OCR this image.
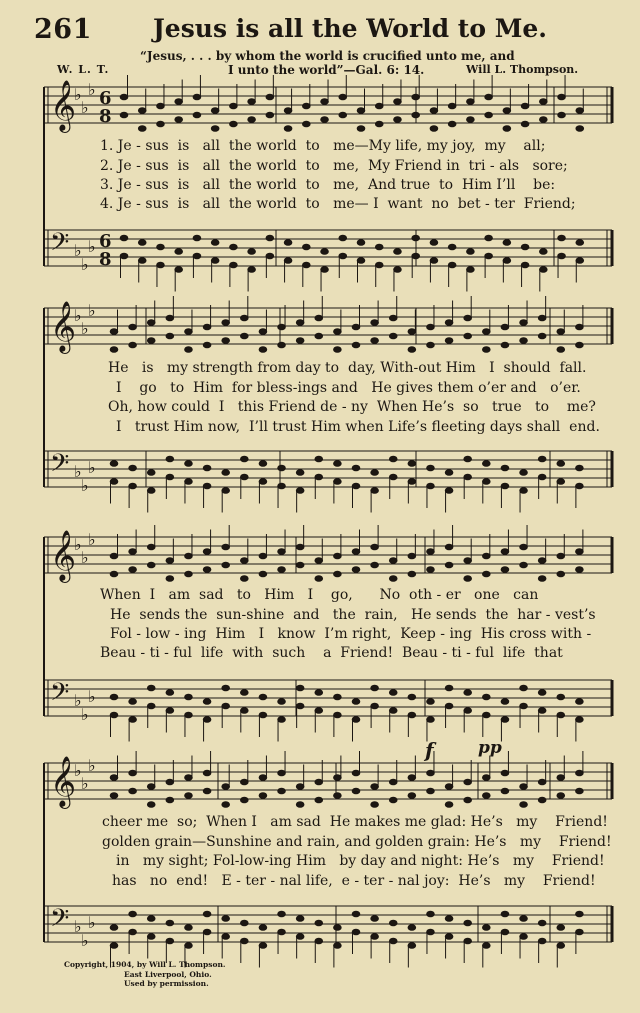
261	Jesus is all the World to Me.
“Jesus, . . . by whom the world is crucified unto me, and
I unto the world”—Gal. 6: 14.
W. L. T.	Will L. Thompson.
𝄞
♭
♭
♭
𝄢 ♭
♭
♭
6
8
6
8
𝄞
♭
♭
♭
𝄢 ♭
♭
♭
𝄞
♭
♭
♭
𝄢 ♭
♭
♭
𝄞
♭
♭
♭
𝄢 ♭
♭
♭
1. Je - sus  is   all  the world  to   me—My life, my joy,  my    all;
2. Je - sus  is   all  the world  to   me,  My Friend in  tri - als   sore;
3. Je - sus  is   all  the world  to   me,  And true  to  Him I’ll    be:
4. Je - sus  is   all  the world  to   me— I  want  no  bet - ter  Friend;
He   is   my strength from day to  day, With-out Him   I  should  fall.
I    go   to  Him  for bless-ings and   He gives them o’er and   o’er.
Oh, how could  I   this Friend de - ny  When He’s  so   true   to    me?
I   trust Him now,  I’ll trust Him when Life’s fleeting days shall  end.
When  I   am  sad   to   Him   I    go,      No  oth - er   one   can
He  sends the  sun-shine  and   the  rain,   He sends  the  har - vest’s
Fol - low - ing  Him   I   know  I’m right,  Keep - ing  His cross with -
Beau - ti - ful  life  with  such    a  Friend!  Beau - ti - ful  life  that
cheer me  so;  When I   am sad  He makes me glad: He’s   my    Friend!
golden grain—Sunshine and rain, and golden grain: He’s   my    Friend!
in   my sight; Fol-low-ing Him   by day and night: He’s   my    Friend!
has   no  end!   E - ter - nal life,  e - ter - nal joy:  He’s   my    Friend!
f	pp
Copyright, 1904, by Will L. Thompson.
East Liverpool, Ohio.
Used by permission.
